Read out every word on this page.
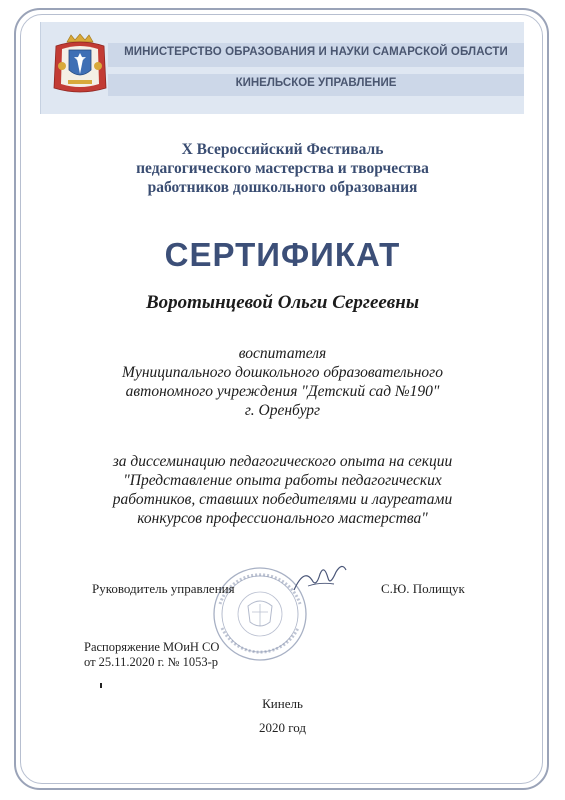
МИНИСТЕРСТВО ОБРАЗОВАНИЯ И НАУКИ САМАРСКОЙ ОБЛАСТИ
КИНЕЛЬСКОЕ УПРАВЛЕНИЕ
X Всероссийский Фестиваль
педагогического мастерства и творчества
работников дошкольного образования
СЕРТИФИКАТ
Воротынцевой Ольги Сергеевны
воспитателя
Муниципального дошкольного образовательного
автономного учреждения "Детский сад №190"
г. Оренбург
за диссеминацию педагогического опыта на секции
"Представление опыта работы педагогических
работников, ставших победителями и лауреатами
конкурсов профессионального мастерства"
Руководитель управления	С.Ю. Полищук
Распоряжение МОиН СО
от 25.11.2020 г. № 1053-р
Кинель
2020 год
